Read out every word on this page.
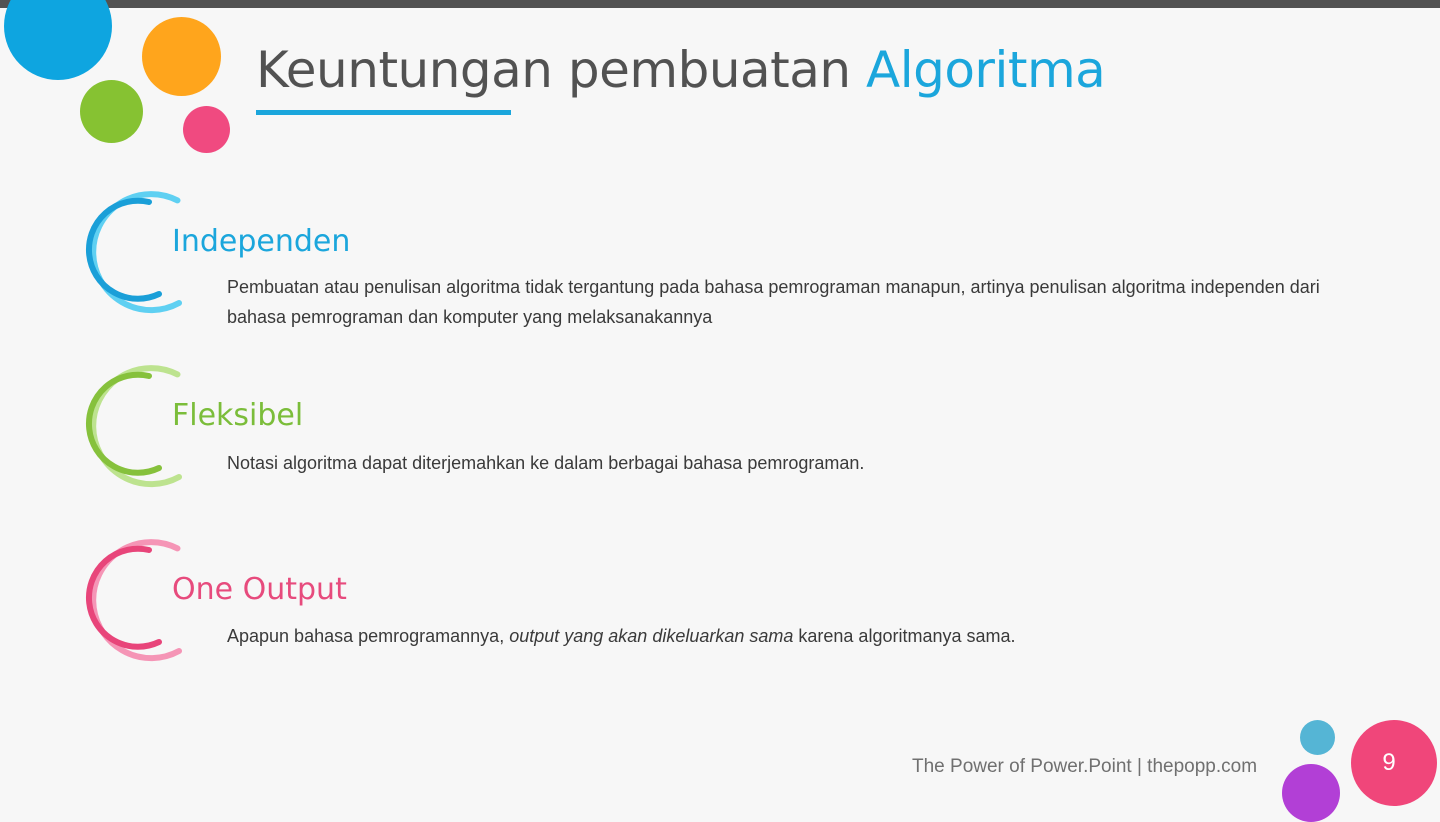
Keuntungan pembuatan Algoritma
Independen
Pembuatan atau penulisan algoritma tidak tergantung pada bahasa pemrograman manapun, artinya penulisan algoritma independen dari bahasa pemrograman dan komputer yang melaksanakannya
Fleksibel
Notasi algoritma dapat diterjemahkan ke dalam berbagai bahasa pemrograman.
One Output
Apapun bahasa pemrogramannya, output yang akan dikeluarkan sama karena algoritmanya sama.
The Power of Power.Point | thepopp.com	9
